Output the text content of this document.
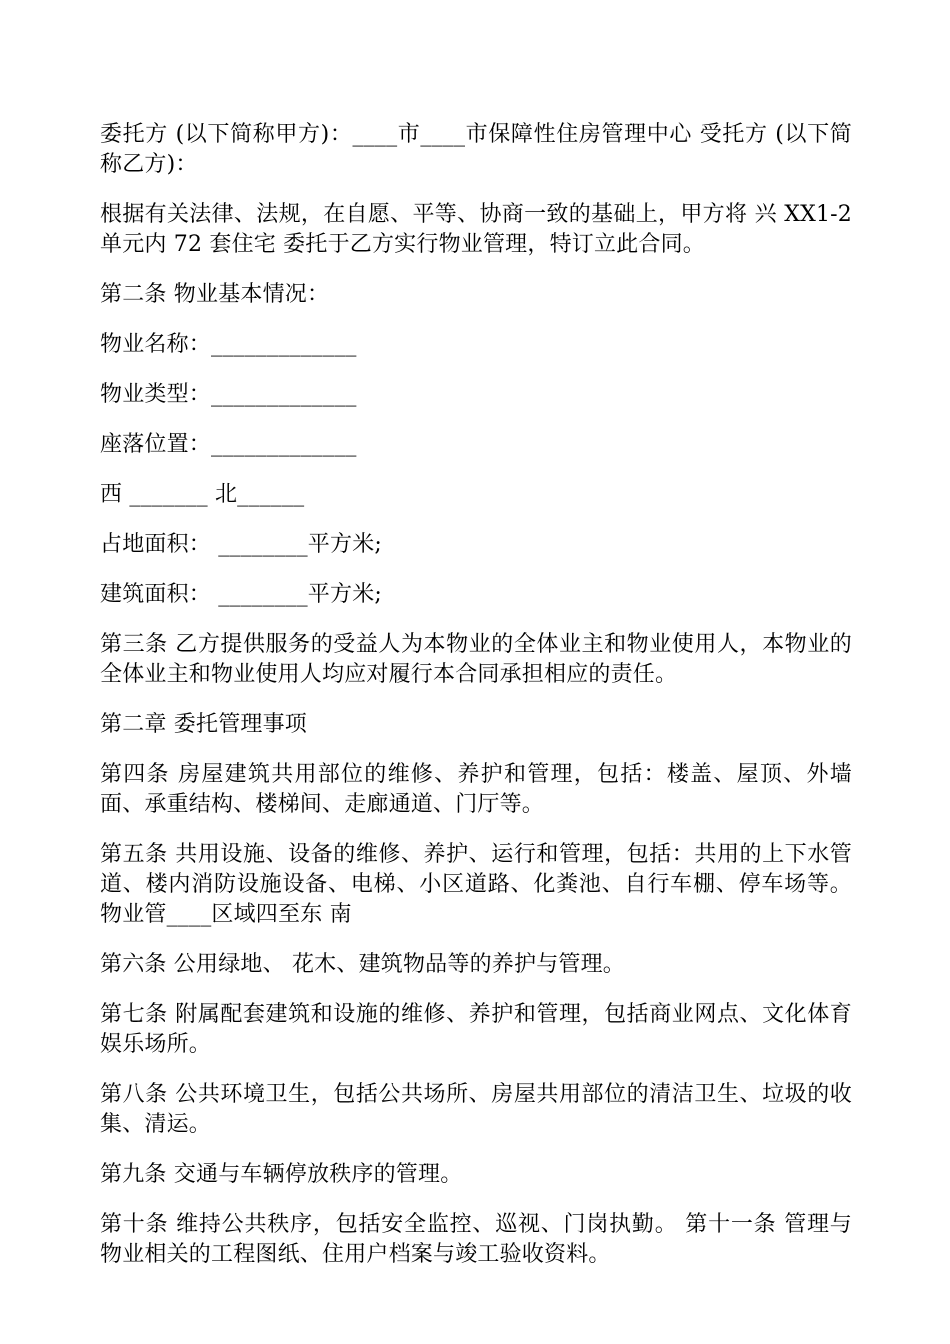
委托方 (以下简称甲方)：____市____市保障性住房管理中心 受托方 (以下简称乙方)：

根据有关法律、法规，在自愿、平等、协商一致的基础上，甲方将 兴 XX1-2 单元内 72 套住宅 委托于乙方实行物业管理，特订立此合同。

第二条 物业基本情况：

物业名称：_____________

物业类型：_____________

座落位置：_____________

西 _______ 北______

占地面积： ________平方米;

建筑面积： ________平方米;

第三条 乙方提供服务的受益人为本物业的全体业主和物业使用人，本物业的全体业主和物业使用人均应对履行本合同承担相应的责任。

第二章 委托管理事项

第四条 房屋建筑共用部位的维修、养护和管理，包括：楼盖、屋顶、外墙面、承重结构、楼梯间、走廊通道、门厅等。

第五条 共用设施、设备的维修、养护、运行和管理，包括：共用的上下水管道、楼内消防设施设备、电梯、小区道路、化粪池、自行车棚、停车场等。 物业管____区域四至东 南

第六条 公用绿地、 花木、建筑物品等的养护与管理。

第七条 附属配套建筑和设施的维修、养护和管理，包括商业网点、文化体育娱乐场所。

第八条 公共环境卫生，包括公共场所、房屋共用部位的清洁卫生、垃圾的收集、清运。

第九条 交通与车辆停放秩序的管理。

第十条 维持公共秩序，包括安全监控、巡视、门岗执勤。 第十一条 管理与物业相关的工程图纸、住用户档案与竣工验收资料。
